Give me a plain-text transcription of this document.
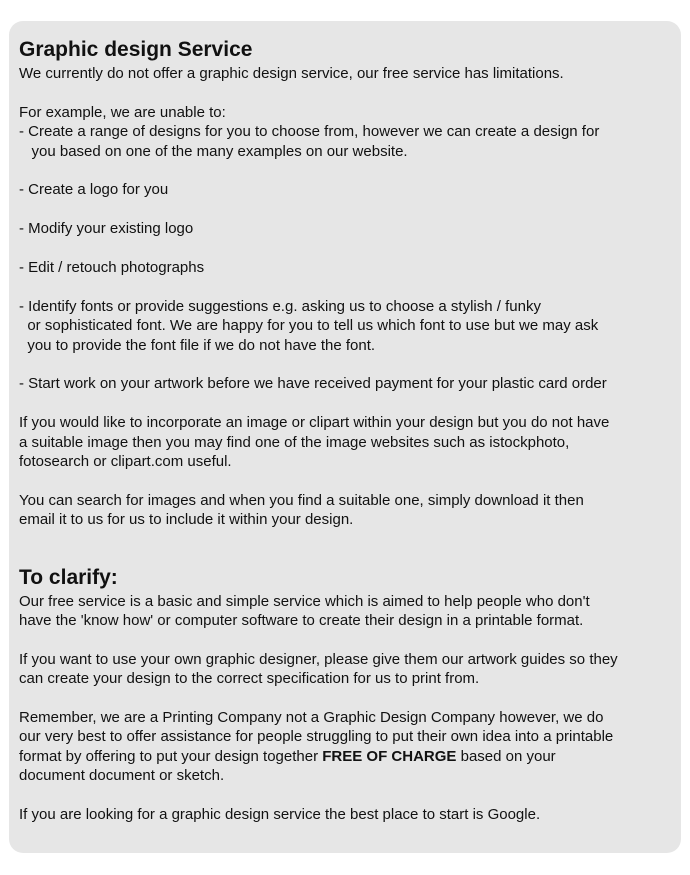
Graphic design Service

We currently do not offer a graphic design service, our free service has limitations.

For example, we are unable to:

- Create a range of designs for you to choose from, however we can create a design for
you based on one of the many examples on our website.
- Create a logo for you
- Modify your existing logo
- Edit / retouch photographs
- Identify fonts or provide suggestions e.g. asking us to choose a stylish / funky
or sophisticated font. We are happy for you to tell us which font to use but we may ask
you to provide the font file if we do not have the font.
- Start work on your artwork before we have received payment for your plastic card order

If you would like to incorporate an image or clipart within your design but you do not have
a suitable image then you may find one of the image websites such as istockphoto,
fotosearch or clipart.com useful.

You can search for images and when you find a suitable one, simply download it then
email it to us for us to include it within your design.

To clarify:

Our free service is a basic and simple service which is aimed to help people who don't
have the 'know how' or computer software to create their design in a printable format.

If you want to use your own graphic designer, please give them our artwork guides so they
can create your design to the correct specification for us to print from.

Remember, we are a Printing Company not a Graphic Design Company however, we do
our very best to offer assistance for people struggling to put their own idea into a printable
format by offering to put your design together FREE OF CHARGE based on your
document document or sketch.

If you are looking for a graphic design service the best place to start is Google.
